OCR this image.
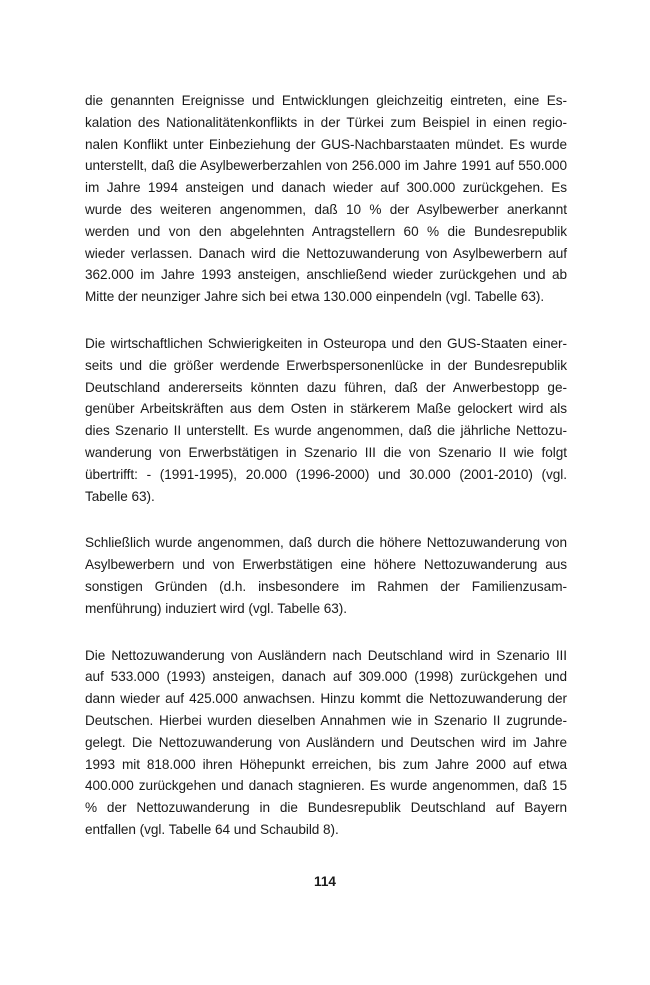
die genannten Ereignisse und Entwicklungen gleichzeitig eintreten, eine Eskalation des Nationalitätenkonflikts in der Türkei zum Beispiel in einen regionalen Konflikt unter Einbeziehung der GUS-Nachbarstaaten mündet. Es wurde unterstellt, daß die Asylbewerberzahlen von 256.000 im Jahre 1991 auf 550.000 im Jahre 1994 ansteigen und danach wieder auf 300.000 zurückgehen. Es wurde des weiteren angenommen, daß 10 % der Asylbewerber anerkannt werden und von den abgelehnten Antragstellern 60 % die Bundesrepublik wieder verlassen. Danach wird die Nettozuwanderung von Asylbewerbern auf 362.000 im Jahre 1993 ansteigen, anschließend wieder zurückgehen und ab Mitte der neunziger Jahre sich bei etwa 130.000 einpendeln (vgl. Tabelle 63).

Die wirtschaftlichen Schwierigkeiten in Osteuropa und den GUS-Staaten einerseits und die größer werdende Erwerbspersonenlücke in der Bundesrepublik Deutschland andererseits könnten dazu führen, daß der Anwerbestopp gegenüber Arbeitskräften aus dem Osten in stärkerem Maße gelockert wird als dies Szenario II unterstellt. Es wurde angenommen, daß die jährliche Nettozuwanderung von Erwerbstätigen in Szenario III die von Szenario II wie folgt übertrifft: - (1991-1995), 20.000 (1996-2000) und 30.000 (2001-2010) (vgl. Tabelle 63).

Schließlich wurde angenommen, daß durch die höhere Nettozuwanderung von Asylbewerbern und von Erwerbstätigen eine höhere Nettozuwanderung aus sonstigen Gründen (d.h. insbesondere im Rahmen der Familienzusammenführung) induziert wird (vgl. Tabelle 63).

Die Nettozuwanderung von Ausländern nach Deutschland wird in Szenario III auf 533.000 (1993) ansteigen, danach auf 309.000 (1998) zurückgehen und dann wieder auf 425.000 anwachsen. Hinzu kommt die Nettozuwanderung der Deutschen. Hierbei wurden dieselben Annahmen wie in Szenario II zugrundegelegt. Die Nettozuwanderung von Ausländern und Deutschen wird im Jahre 1993 mit 818.000 ihren Höhepunkt erreichen, bis zum Jahre 2000 auf etwa 400.000 zurückgehen und danach stagnieren. Es wurde angenommen, daß 15 % der Nettozuwanderung in die Bundesrepublik Deutschland auf Bayern entfallen (vgl. Tabelle 64 und Schaubild 8).

114
